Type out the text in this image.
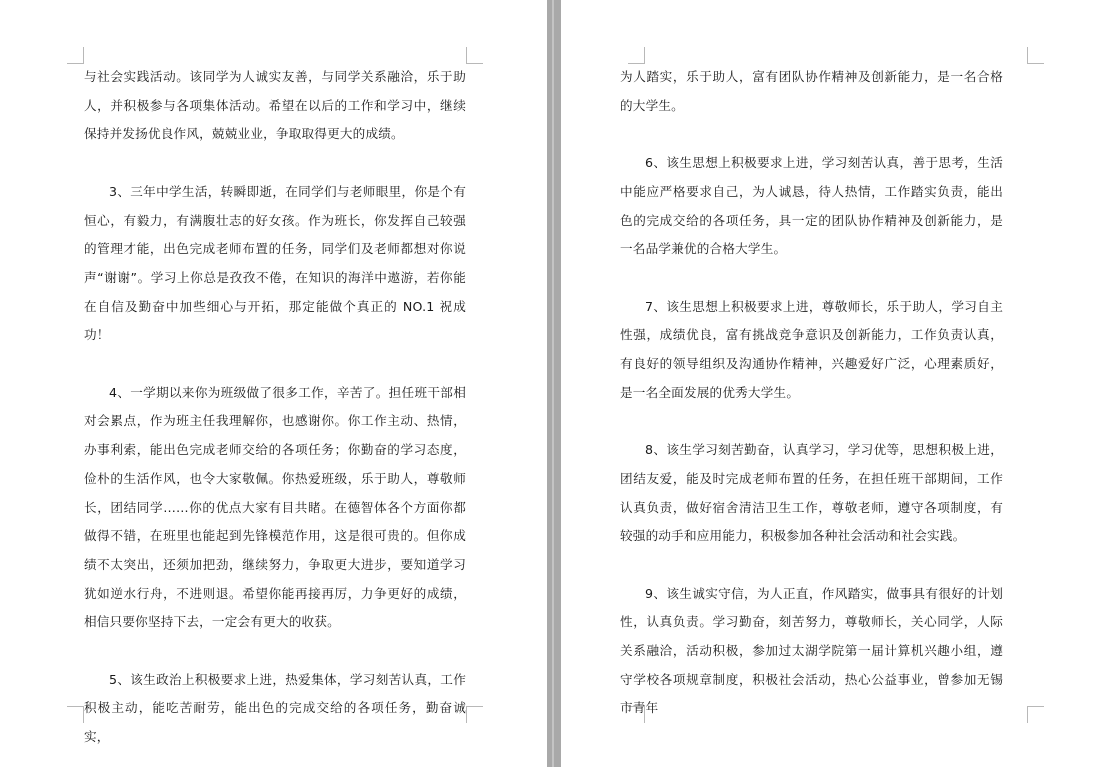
与社会实践活动。该同学为人诚实友善，与同学关系融洽，乐于助人，并积极参与各项集体活动。希望在以后的工作和学习中，继续保持并发扬优良作风，兢兢业业，争取取得更大的成绩。

3、三年中学生活，转瞬即逝，在同学们与老师眼里，你是个有恒心，有毅力，有满腹壮志的好女孩。作为班长，你发挥自己较强的管理才能，出色完成老师布置的任务，同学们及老师都想对你说声“谢谢”。学习上你总是孜孜不倦，在知识的海洋中遨游，若你能在自信及勤奋中加些细心与开拓，那定能做个真正的 NO.1 祝成功！

4、一学期以来你为班级做了很多工作，辛苦了。担任班干部相对会累点，作为班主任我理解你，也感谢你。你工作主动、热情，办事利索，能出色完成老师交给的各项任务；你勤奋的学习态度，俭朴的生活作风，也令大家敬佩。你热爱班级，乐于助人，尊敬师长，团结同学……你的优点大家有目共睹。在德智体各个方面你都做得不错，在班里也能起到先锋模范作用，这是很可贵的。但你成绩不太突出，还须加把劲，继续努力，争取更大进步，要知道学习犹如逆水行舟，不进则退。希望你能再接再厉，力争更好的成绩，相信只要你坚持下去，一定会有更大的收获。

5、该生政治上积极要求上进，热爱集体，学习刻苦认真，工作积极主动，能吃苦耐劳，能出色的完成交给的各项任务，勤奋诚实，

为人踏实，乐于助人，富有团队协作精神及创新能力，是一名合格的大学生。

6、该生思想上积极要求上进，学习刻苦认真，善于思考，生活中能应严格要求自己，为人诚恳，待人热情，工作踏实负责，能出色的完成交给的各项任务，具一定的团队协作精神及创新能力，是一名品学兼优的合格大学生。

7、该生思想上积极要求上进，尊敬师长，乐于助人，学习自主性强，成绩优良，富有挑战竞争意识及创新能力，工作负责认真，有良好的领导组织及沟通协作精神，兴趣爱好广泛，心理素质好，是一名全面发展的优秀大学生。

8、该生学习刻苦勤奋，认真学习，学习优等，思想积极上进，团结友爱，能及时完成老师布置的任务，在担任班干部期间，工作认真负责，做好宿舍清洁卫生工作，尊敬老师，遵守各项制度，有较强的动手和应用能力，积极参加各种社会活动和社会实践。

9、该生诚实守信，为人正直，作风踏实，做事具有很好的计划性，认真负责。学习勤奋，刻苦努力，尊敬师长，关心同学，人际关系融洽，活动积极，参加过太湖学院第一届计算机兴趣小组，遵守学校各项规章制度，积极社会活动，热心公益事业，曾参加无锡市青年
